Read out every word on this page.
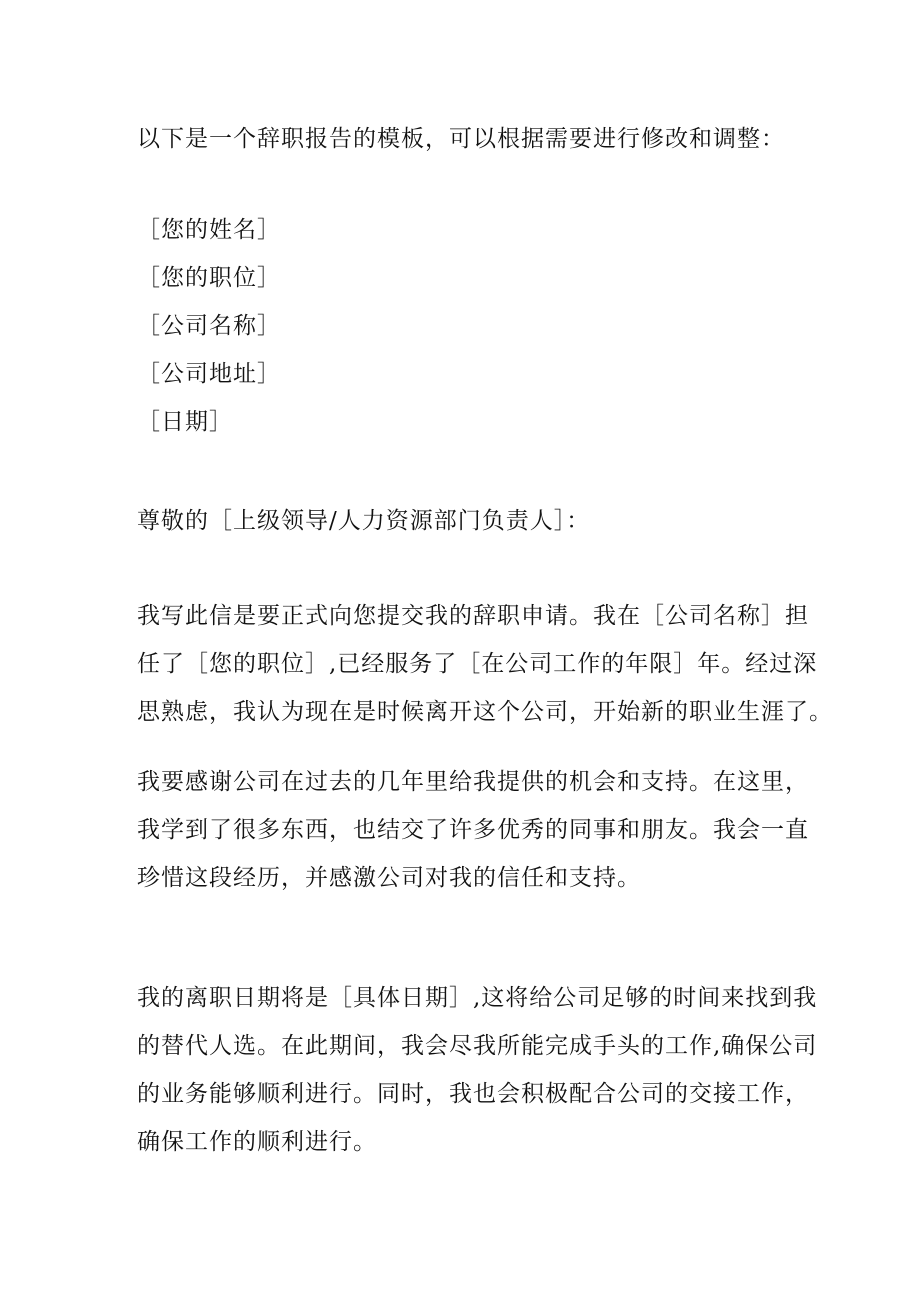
以下是一个辞职报告的模板，可以根据需要进行修改和调整：
［您的姓名］
［您的职位］
［公司名称］
［公司地址］
［日期］
尊敬的［上级领导/人力资源部门负责人］：
我写此信是要正式向您提交我的辞职申请。我在［公司名称］担
任了［您的职位］,已经服务了［在公司工作的年限］年。经过深
思熟虑，我认为现在是时候离开这个公司，开始新的职业生涯了。
我要感谢公司在过去的几年里给我提供的机会和支持。在这里，
我学到了很多东西，也结交了许多优秀的同事和朋友。我会一直
珍惜这段经历，并感激公司对我的信任和支持。
我的离职日期将是［具体日期］,这将给公司足够的时间来找到我
的替代人选。在此期间，我会尽我所能完成手头的工作,确保公司
的业务能够顺利进行。同时，我也会积极配合公司的交接工作，
确保工作的顺利进行。
